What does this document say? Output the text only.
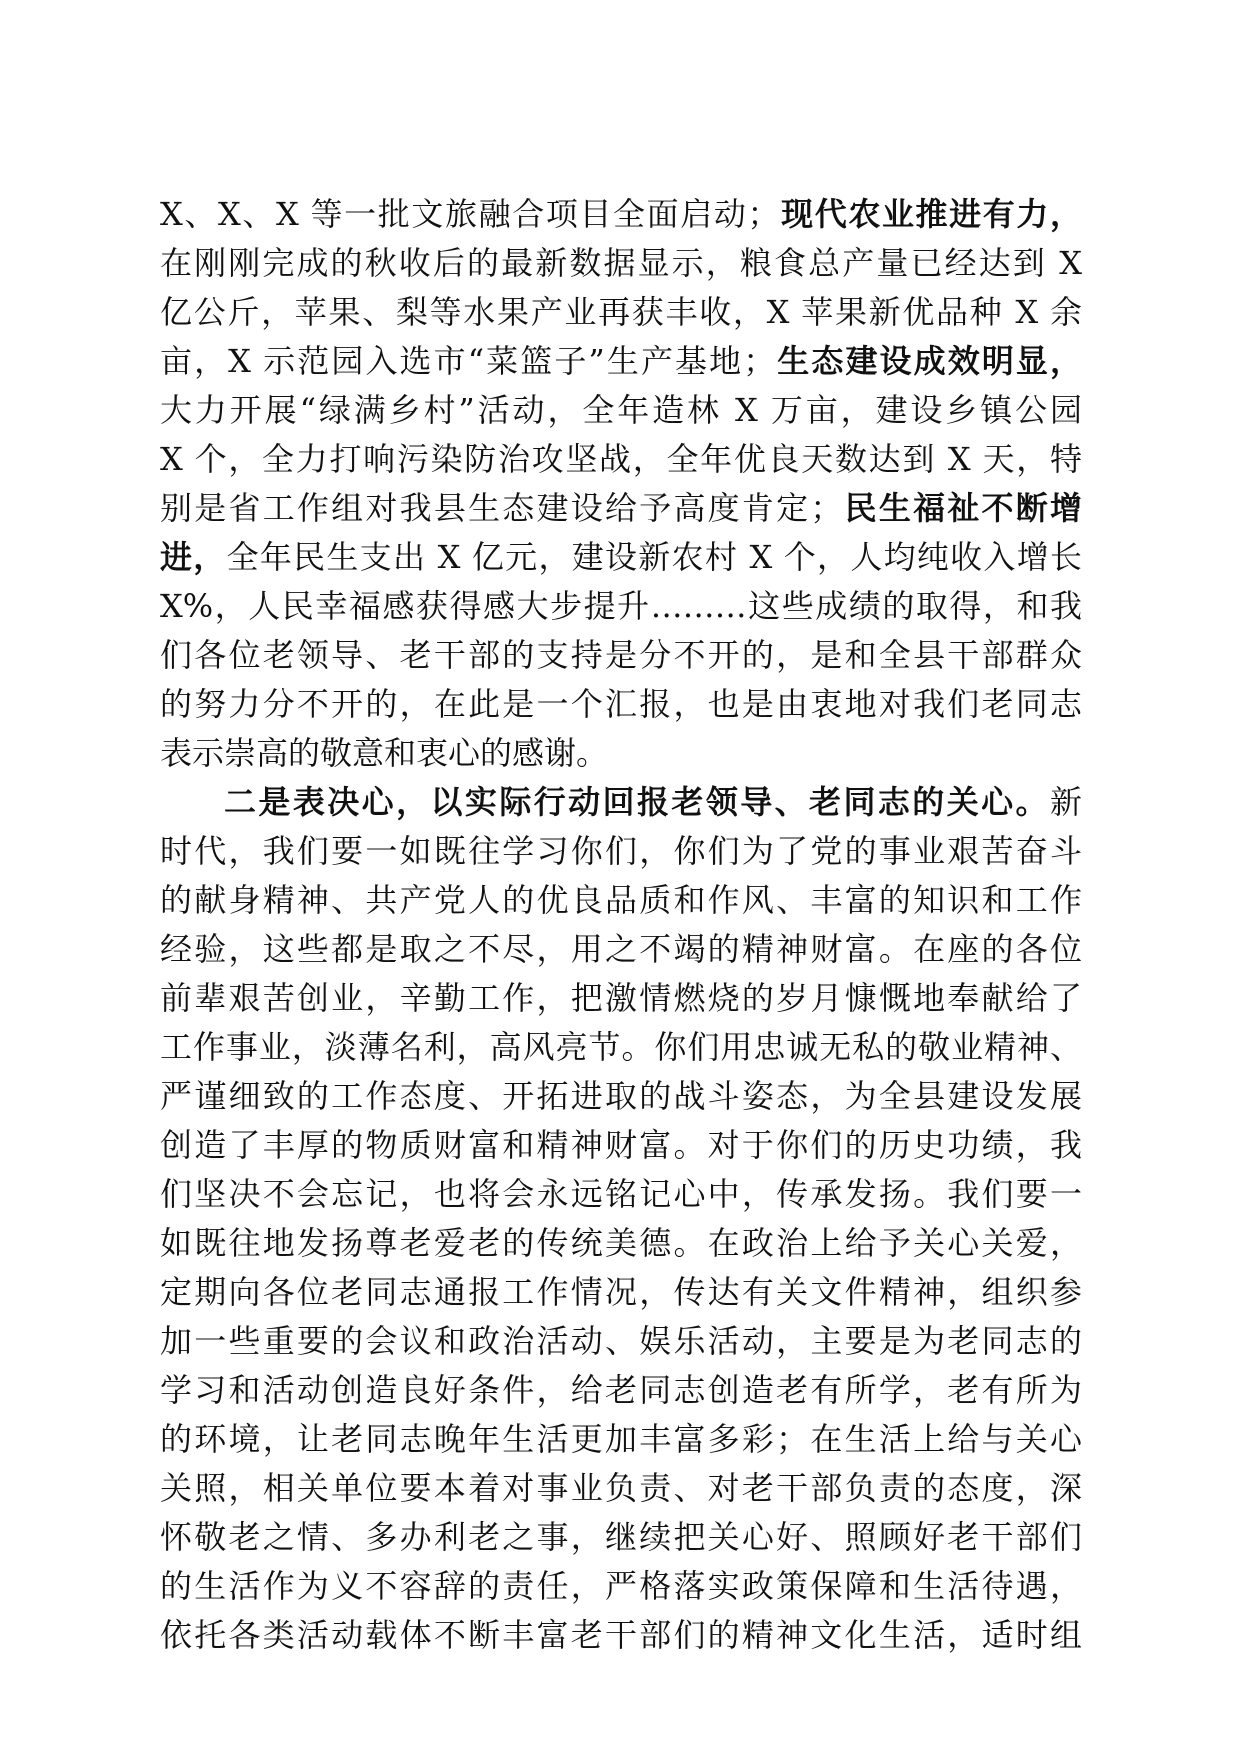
X、X、X 等一批文旅融合项目全面启动；现代农业推进有力，
在刚刚完成的秋收后的最新数据显示，粮食总产量已经达到 X
亿公斤，苹果、梨等水果产业再获丰收，X 苹果新优品种 X 余
亩，X 示范园入选市“菜篮子”生产基地；生态建设成效明显，
大力开展“绿满乡村”活动，全年造林 X 万亩，建设乡镇公园
X 个，全力打响污染防治攻坚战，全年优良天数达到 X 天，特
别是省工作组对我县生态建设给予高度肯定；民生福祉不断增
进，全年民生支出 X 亿元，建设新农村 X 个，人均纯收入增长
X%，人民幸福感获得感大步提升………这些成绩的取得，和我
们各位老领导、老干部的支持是分不开的，是和全县干部群众
的努力分不开的，在此是一个汇报，也是由衷地对我们老同志
表示崇高的敬意和衷心的感谢。
二是表决心，以实际行动回报老领导、老同志的关心。新
时代，我们要一如既往学习你们，你们为了党的事业艰苦奋斗
的献身精神、共产党人的优良品质和作风、丰富的知识和工作
经验，这些都是取之不尽，用之不竭的精神财富。在座的各位
前辈艰苦创业，辛勤工作，把激情燃烧的岁月慷慨地奉献给了
工作事业，淡薄名利，高风亮节。你们用忠诚无私的敬业精神、
严谨细致的工作态度、开拓进取的战斗姿态，为全县建设发展
创造了丰厚的物质财富和精神财富。对于你们的历史功绩，我
们坚决不会忘记，也将会永远铭记心中，传承发扬。我们要一
如既往地发扬尊老爱老的传统美德。在政治上给予关心关爱，
定期向各位老同志通报工作情况，传达有关文件精神，组织参
加一些重要的会议和政治活动、娱乐活动，主要是为老同志的
学习和活动创造良好条件，给老同志创造老有所学，老有所为
的环境，让老同志晚年生活更加丰富多彩；在生活上给与关心
关照，相关单位要本着对事业负责、对老干部负责的态度，深
怀敬老之情、多办利老之事，继续把关心好、照顾好老干部们
的生活作为义不容辞的责任，严格落实政策保障和生活待遇，
依托各类活动载体不断丰富老干部们的精神文化生活，适时组
